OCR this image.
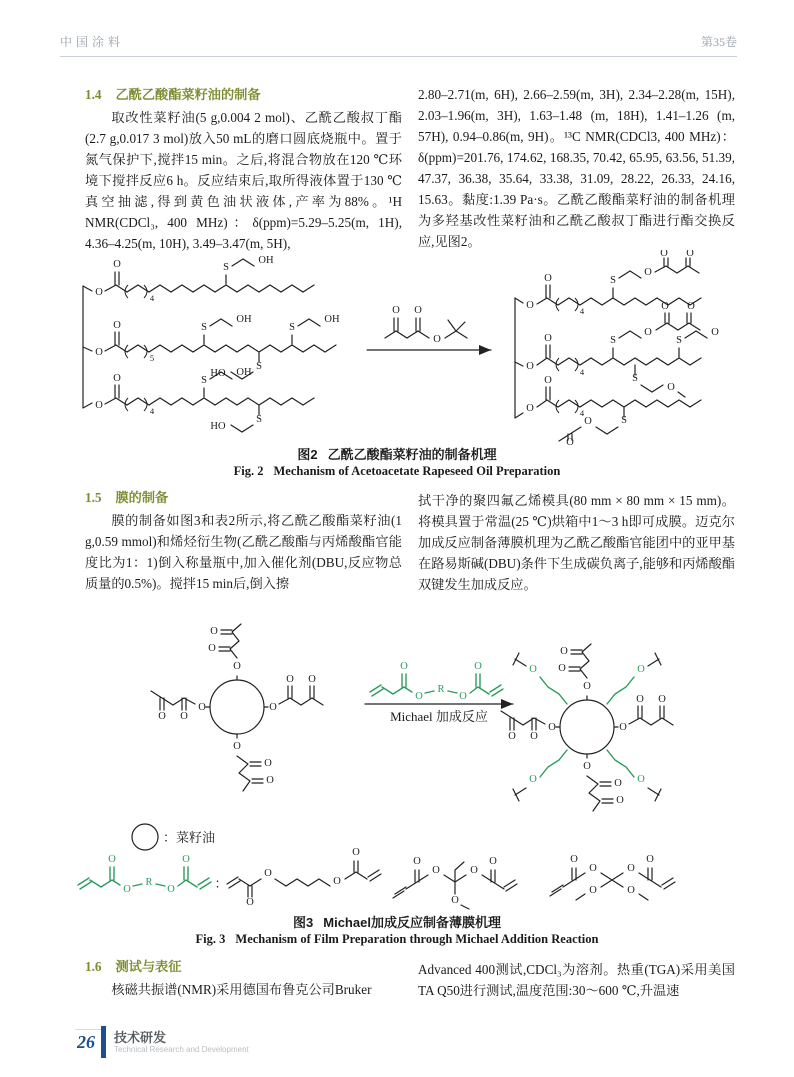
中国涂料	第35卷
1.4 乙酰乙酸酯菜籽油的制备

取改性菜籽油(5 g,0.004 2 mol)、乙酰乙酸叔丁酯(2.7 g,0.017 3 mol)放入50 mL的磨口圆底烧瓶中。置于氮气保护下,搅拌15 min。之后,将混合物放在120 ℃环境下搅拌反应6 h。反应结束后,取所得液体置于130 ℃真空抽滤,得到黄色油状液体,产率为88%。¹H NMR(CDCl₃, 400 MHz)：δ(ppm)=5.29–5.25(m, 1H), 4.36–4.25(m, 10H), 3.49–3.47(m, 5H),

2.80–2.71(m, 6H), 2.66–2.59(m, 3H), 2.34–2.28(m, 15H), 2.03–1.96(m, 3H), 1.63–1.48 (m, 18H), 1.41–1.26 (m, 57H), 0.94–0.86(m, 9H)。¹³C NMR(CDCl3, 400 MHz)：δ(ppm)=201.76, 174.62, 168.35, 70.42, 65.95, 63.56, 51.39, 47.37, 36.38, 35.64, 33.38, 31.09, 28.22, 26.33, 24.16, 15.63。黏度:1.39 Pa·s。乙酰乙酸酯菜籽油的制备机理为多羟基改性菜籽油和乙酰乙酸叔丁酯进行酯交换反应,见图2。

O
O
4
S
OH
O
O
5
S
OH
S
OH
S
HO
O
O
4
S
OH
S
HO
O O
O
O
O
4
S
O
O O
O
O
4
S
O
O O
S
O
S
O
O
O
4
S
O
O
图2 乙酰乙酸酯菜籽油的制备机理
Fig. 2 Mechanism of Acetoacetate Rapeseed Oil Preparation
1.5 膜的制备

膜的制备如图3和表2所示,将乙酰乙酸酯菜籽油(1 g,0.59 mmol)和烯烃衍生物(乙酰乙酸酯与丙烯酸酯官能度比为1：1)倒入称量瓶中,加入催化剂(DBU,反应物总质量的0.5%)。搅拌15 min后,倒入擦

拭干净的聚四氟乙烯模具(80 mm × 80 mm × 15 mm)。将模具置于常温(25 ℃)烘箱中1～3 h即可成膜。迈克尔加成反应制备薄膜机理为乙酰乙酸酯官能团中的亚甲基在路易斯碱(DBU)条件下生成碳负离子,能够和丙烯酸酯双键发生加成反应。

Michael 加成反应
：菜籽油
：
O
O O
O
O
O
O
O
O
O
O
O
O
O
R
O
O
O
O O
O
O
O
O
O
O
O
O
O
O
O
O
O
O
O
R
O
O
O
O
O
O
O
O
O
O
O
O
O
O
O
O	O
图3 Michael加成反应制备薄膜机理
Fig. 3 Mechanism of Film Preparation through Michael Addition Reaction
1.6 测试与表征

核磁共振谱(NMR)采用德国布鲁克公司Bruker

Advanced 400测试,CDCl₃为溶剂。热重(TGA)采用美国TA Q50进行测试,温度范围:30～600 ℃,升温速

26	技术研发
Technical Research and Development
